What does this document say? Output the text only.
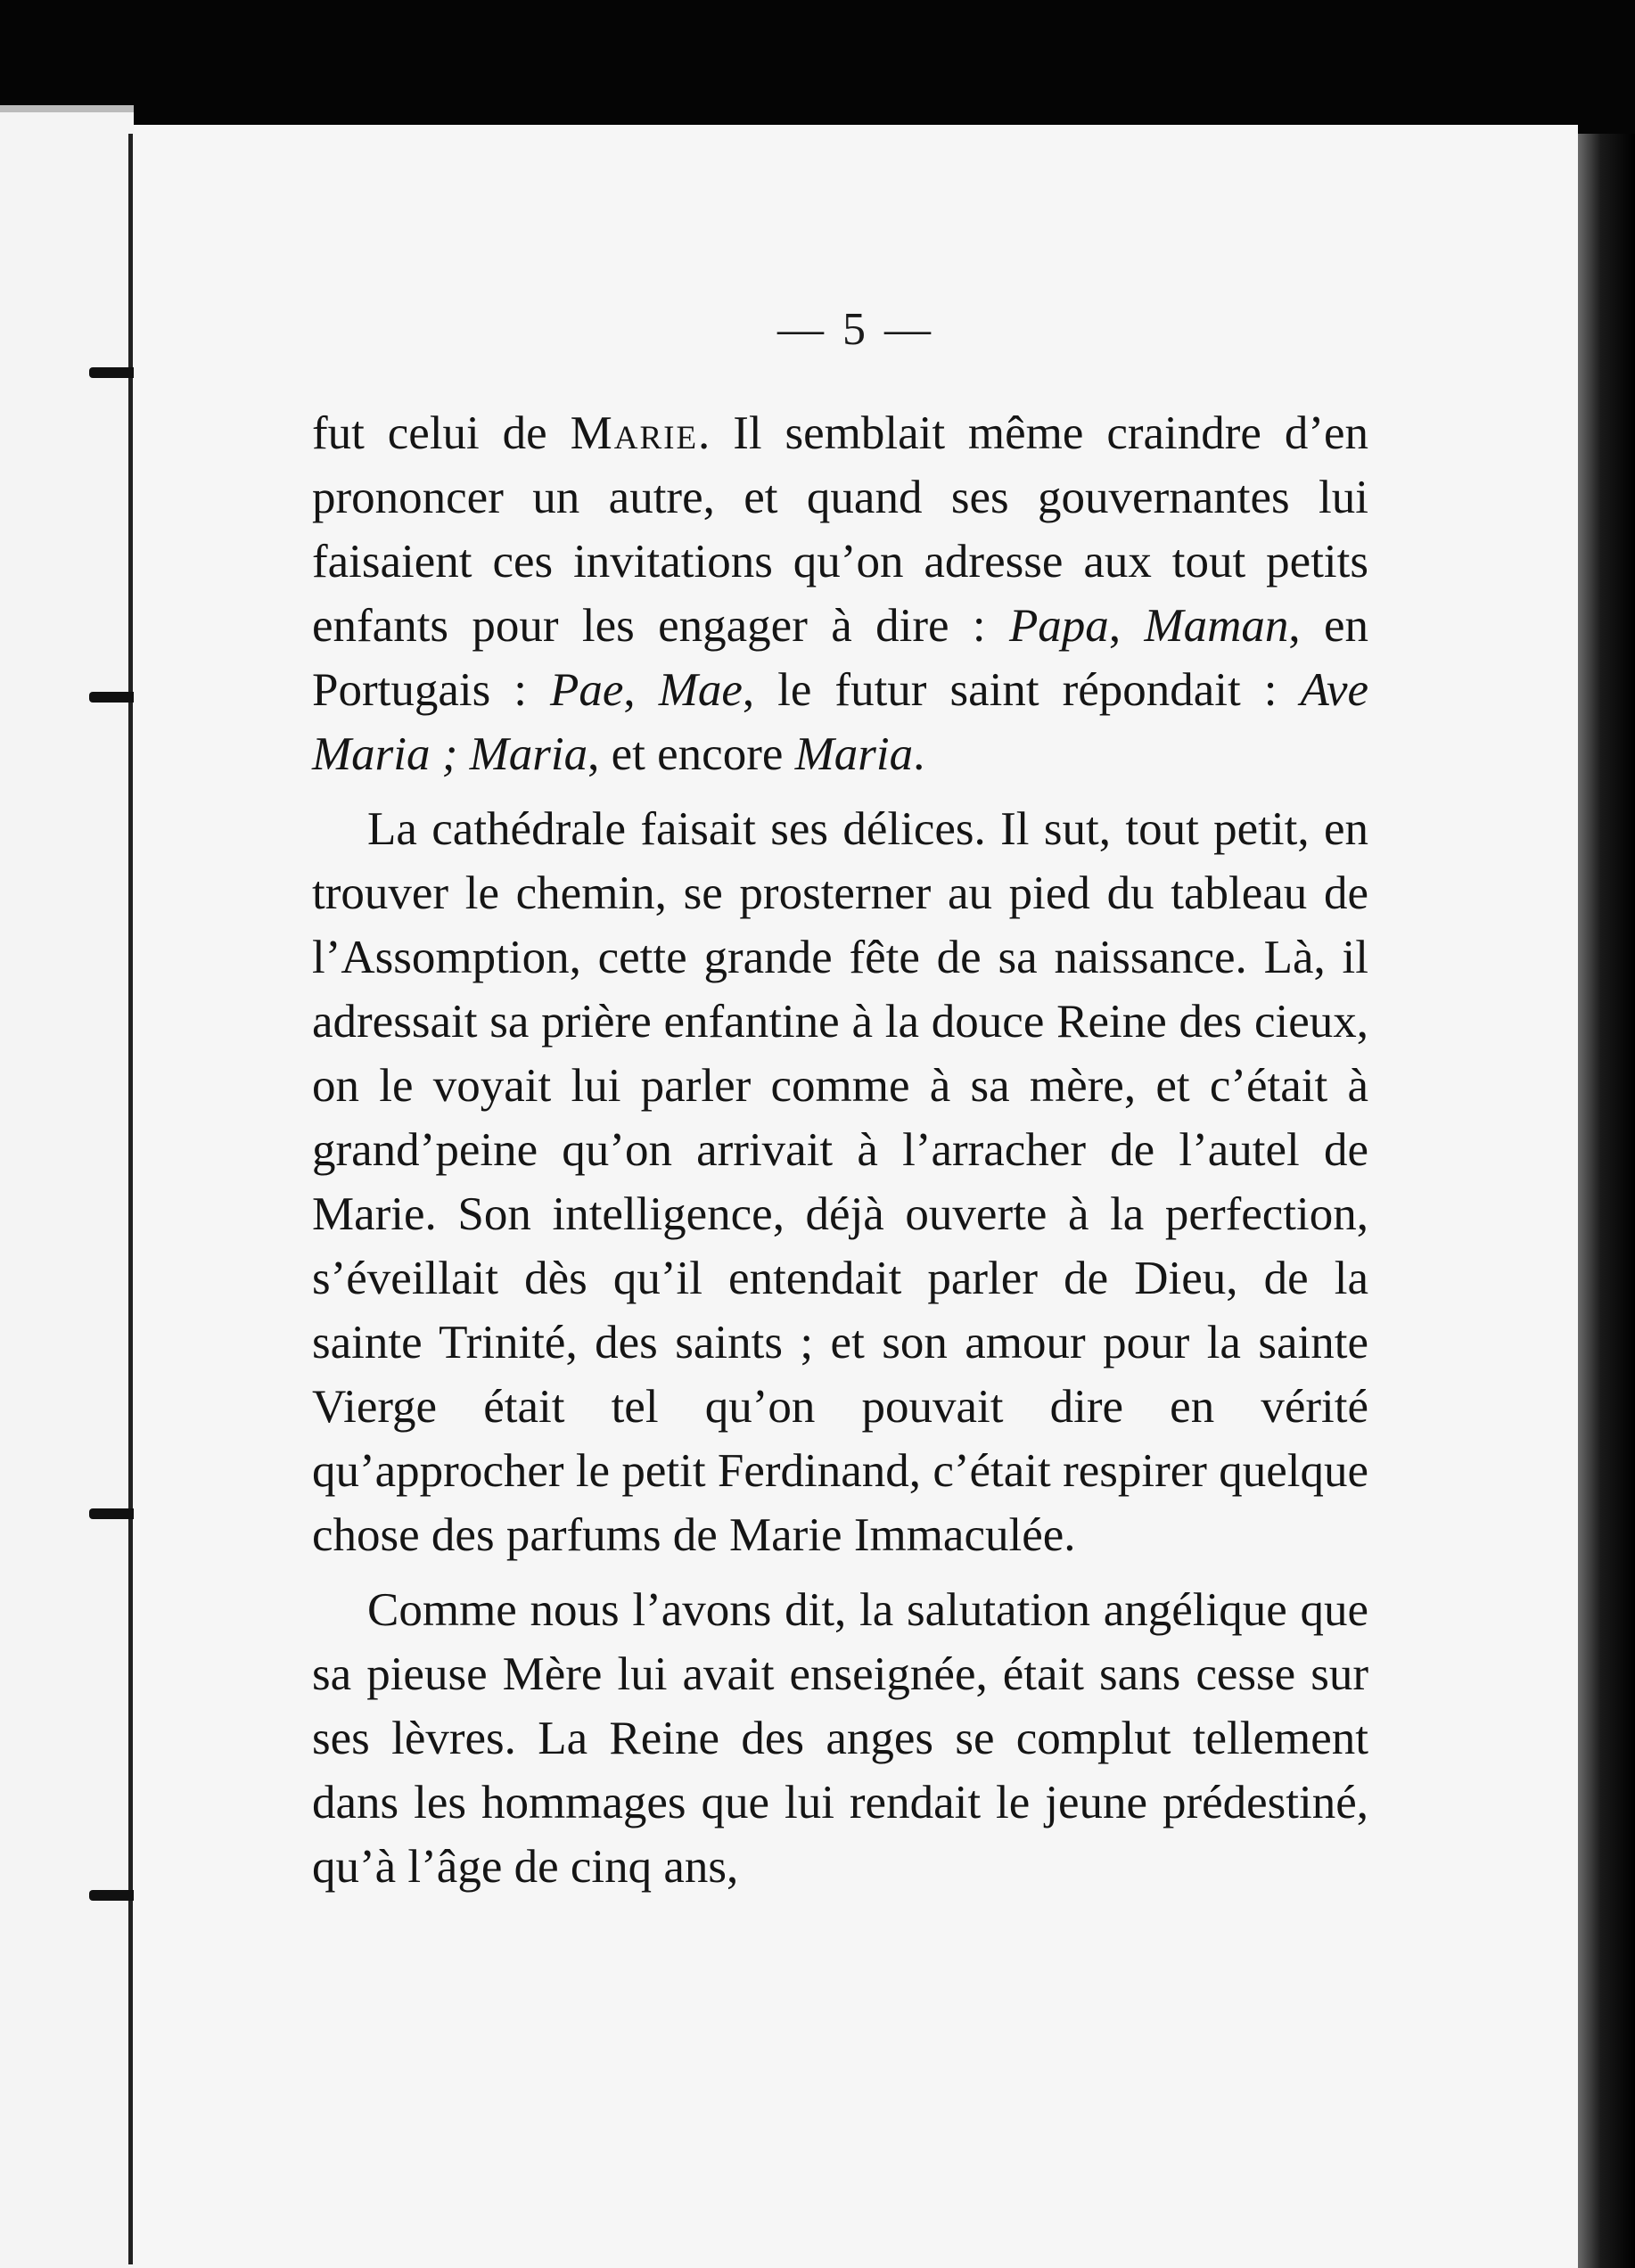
— 5 —

fut celui de Marie. Il semblait même craindre d’en prononcer un autre, et quand ses gouvernantes lui faisaient ces invitations qu’on adresse aux tout petits enfants pour les engager à dire : Papa, Maman, en Portugais : Pae, Mae, le futur saint répondait : Ave Maria ; Maria, et encore Maria.

La cathédrale faisait ses délices. Il sut, tout petit, en trouver le chemin, se prosterner au pied du tableau de l’Assomption, cette grande fête de sa naissance. Là, il adressait sa prière enfantine à la douce Reine des cieux, on le voyait lui parler comme à sa mère, et c’était à grand’peine qu’on arrivait à l’arracher de l’autel de Marie. Son intelligence, déjà ouverte à la perfection, s’éveillait dès qu’il entendait parler de Dieu, de la sainte Trinité, des saints ; et son amour pour la sainte Vierge était tel qu’on pouvait dire en vérité qu’approcher le petit Ferdinand, c’était respirer quelque chose des parfums de Marie Immaculée.

Comme nous l’avons dit, la salutation angélique que sa pieuse Mère lui avait enseignée, était sans cesse sur ses lèvres. La Reine des anges se complut tellement dans les hommages que lui rendait le jeune prédestiné, qu’à l’âge de cinq ans,
